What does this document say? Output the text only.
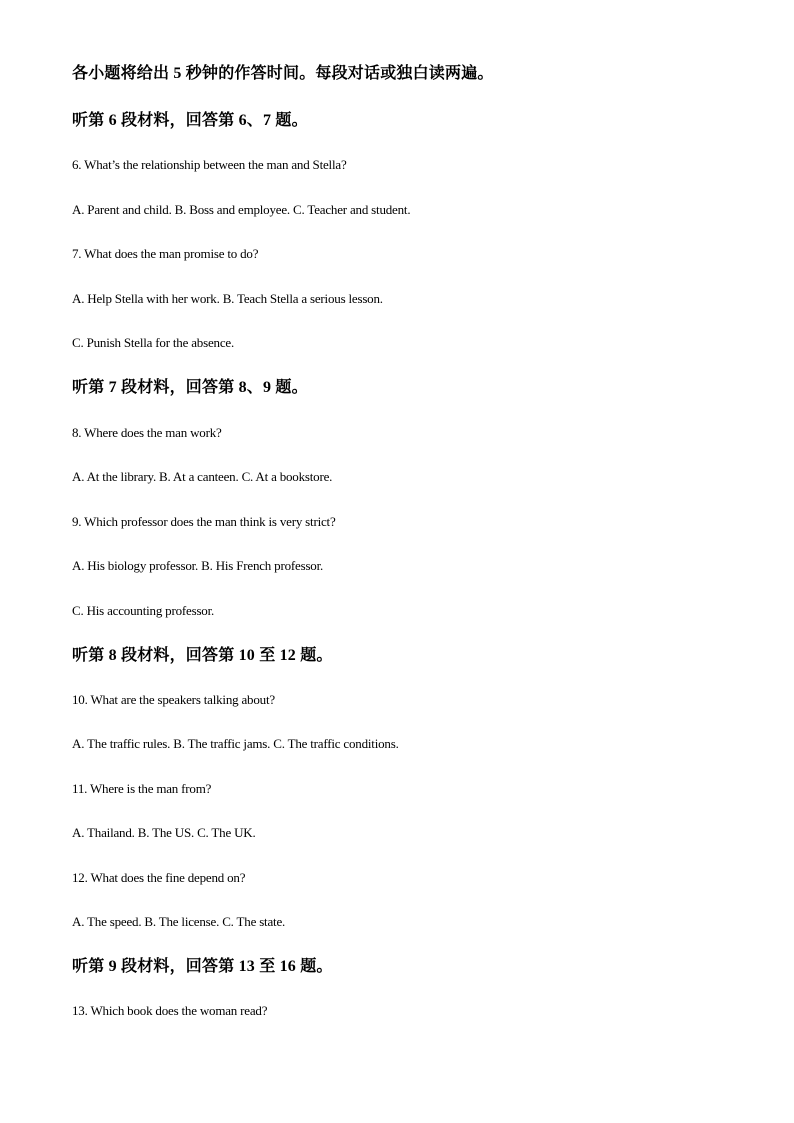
各小题将给出 5 秒钟的作答时间。每段对话或独白读两遍。
听第 6 段材料，回答第 6、7 题。
6. What’s the relationship between the man and Stella?
A. Parent and child. B. Boss and employee. C. Teacher and student.
7. What does the man promise to do?
A. Help Stella with her work. B. Teach Stella a serious lesson.
C. Punish Stella for the absence.
听第 7 段材料，回答第 8、9 题。
8. Where does the man work?
A. At the library. B. At a canteen. C. At a bookstore.
9. Which professor does the man think is very strict?
A. His biology professor. B. His French professor.
C. His accounting professor.
听第 8 段材料，回答第 10 至 12 题。
10. What are the speakers talking about?
A. The traffic rules. B. The traffic jams. C. The traffic conditions.
11. Where is the man from?
A. Thailand. B. The US. C. The UK.
12. What does the fine depend on?
A. The speed. B. The license. C. The state.
听第 9 段材料，回答第 13 至 16 题。
13. Which book does the woman read?
